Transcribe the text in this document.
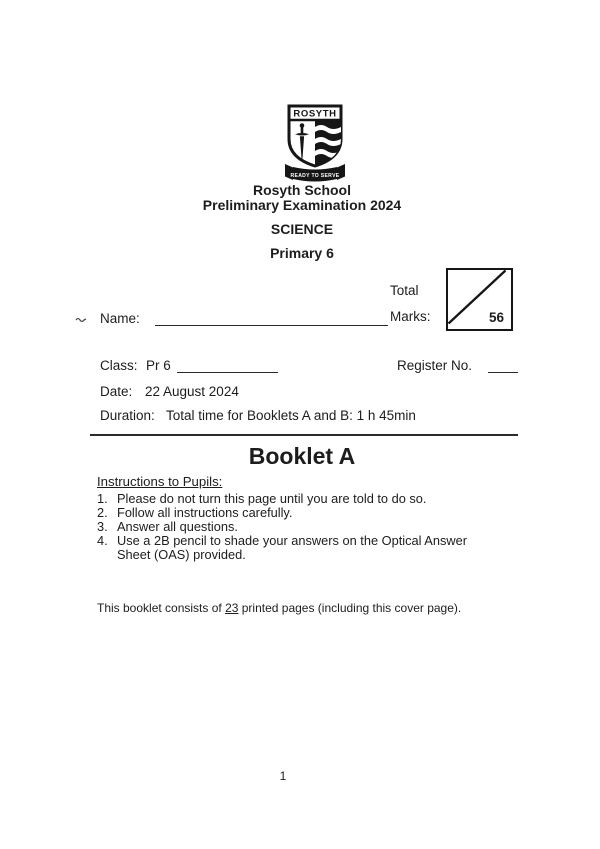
ROSYTH
READY TO SERVE
Rosyth School
Preliminary Examination 2024
SCIENCE
Primary 6
Total
Marks:	56
Name:
Class: Pr 6	Register No.
Date: 22 August 2024
Duration: Total time for Booklets A and B: 1 h 45min
Booklet A
Instructions to Pupils:
1. Please do not turn this page until you are told to do so.
2. Follow all instructions carefully.
3. Answer all questions.
4. Use a 2B pencil to shade your answers on the Optical Answer Sheet (OAS) provided.
This booklet consists of 23 printed pages (including this cover page).
1
